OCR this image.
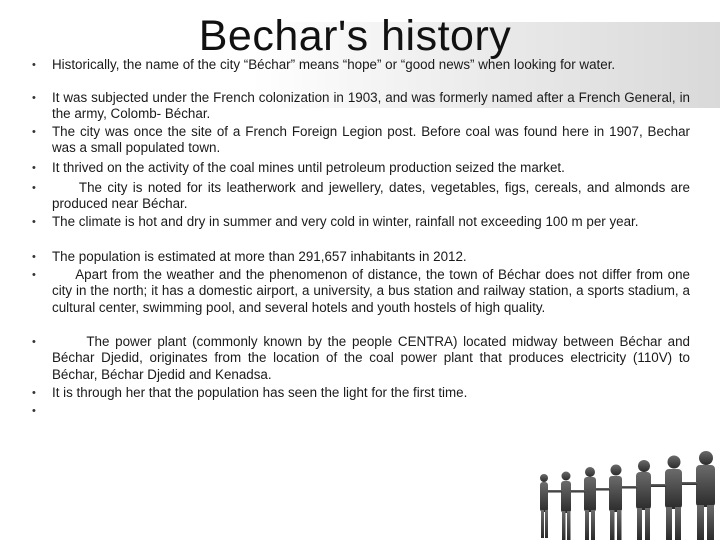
Bechar's history
• Historically, the name of the city “Béchar” means “hope” or “good news” when looking for water.
• It was subjected under the French colonization in 1903, and was formerly named after a French General, in the army, Colomb- Béchar.
• The city was once the site of a French Foreign Legion post. Before coal was found here in 1907, Bechar was a small populated town.
• It thrived on the activity of the coal mines until petroleum production seized the market.
• The city is noted for its leatherwork and jewellery, dates, vegetables, figs, cereals, and almonds are produced near Béchar.
• The climate is hot and dry in summer and very cold in winter, rainfall not exceeding 100 m per year.
• The population is estimated at more than 291,657 inhabitants in 2012.
• Apart from the weather and the phenomenon of distance, the town of Béchar does not differ from one city in the north; it has a domestic airport, a university, a bus station and railway station, a sports stadium, a cultural center, swimming pool, and several hotels and youth hostels of high quality.
• The power plant (commonly known by the people CENTRA) located midway between Béchar and Béchar Djedid, originates from the location of the coal power plant that produces electricity (110V) to Béchar, Béchar Djedid and Kenadsa.
• It is through her that the population has seen the light for the first time.
•
